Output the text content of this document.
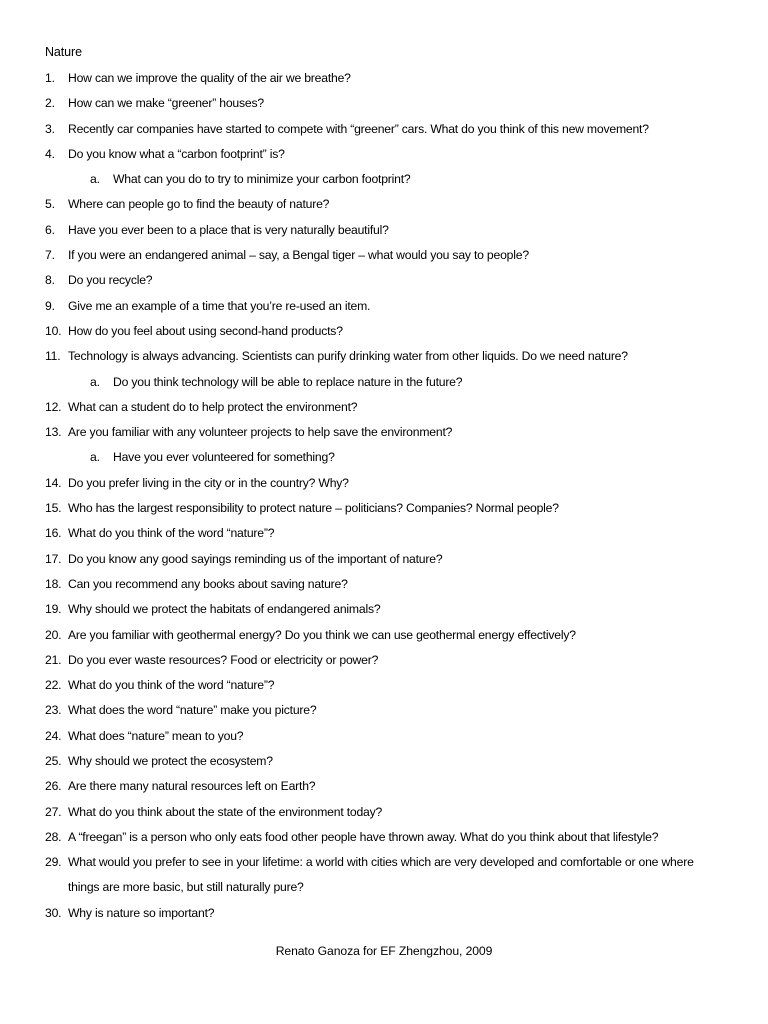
Nature
1.	How can we improve the quality of the air we breathe?
2.	How can we make “greener” houses?
3.	Recently car companies have started to compete with “greener” cars. What do you think of this new movement?
4.	Do you know what a “carbon footprint” is?
a.	What can you do to try to minimize your carbon footprint?
5.	Where can people go to find the beauty of nature?
6.	Have you ever been to a place that is very naturally beautiful?
7.	If you were an endangered animal – say, a Bengal tiger – what would you say to people?
8.	Do you recycle?
9.	Give me an example of a time that you’re re-used an item.
10. How do you feel about using second-hand products?
11. Technology is always advancing. Scientists can purify drinking water from other liquids. Do we need nature?
a.	Do you think technology will be able to replace nature in the future?
12. What can a student do to help protect the environment?
13. Are you familiar with any volunteer projects to help save the environment?
a.	Have you ever volunteered for something?
14. Do you prefer living in the city or in the country? Why?
15. Who has the largest responsibility to protect nature – politicians? Companies? Normal people?
16. What do you think of the word “nature”?
17. Do you know any good sayings reminding us of the important of nature?
18. Can you recommend any books about saving nature?
19. Why should we protect the habitats of endangered animals?
20. Are you familiar with geothermal energy? Do you think we can use geothermal energy effectively?
21. Do you ever waste resources? Food or electricity or power?
22. What do you think of the word “nature”?
23. What does the word “nature” make you picture?
24. What does “nature” mean to you?
25. Why should we protect the ecosystem?
26. Are there many natural resources left on Earth?
27. What do you think about the state of the environment today?
28. A “freegan” is a person who only eats food other people have thrown away. What do you think about that lifestyle?
29. What would you prefer to see in your lifetime: a world with cities which are very developed and comfortable or one where things are more basic, but still naturally pure?
30. Why is nature so important?
Renato Ganoza for EF Zhengzhou, 2009
